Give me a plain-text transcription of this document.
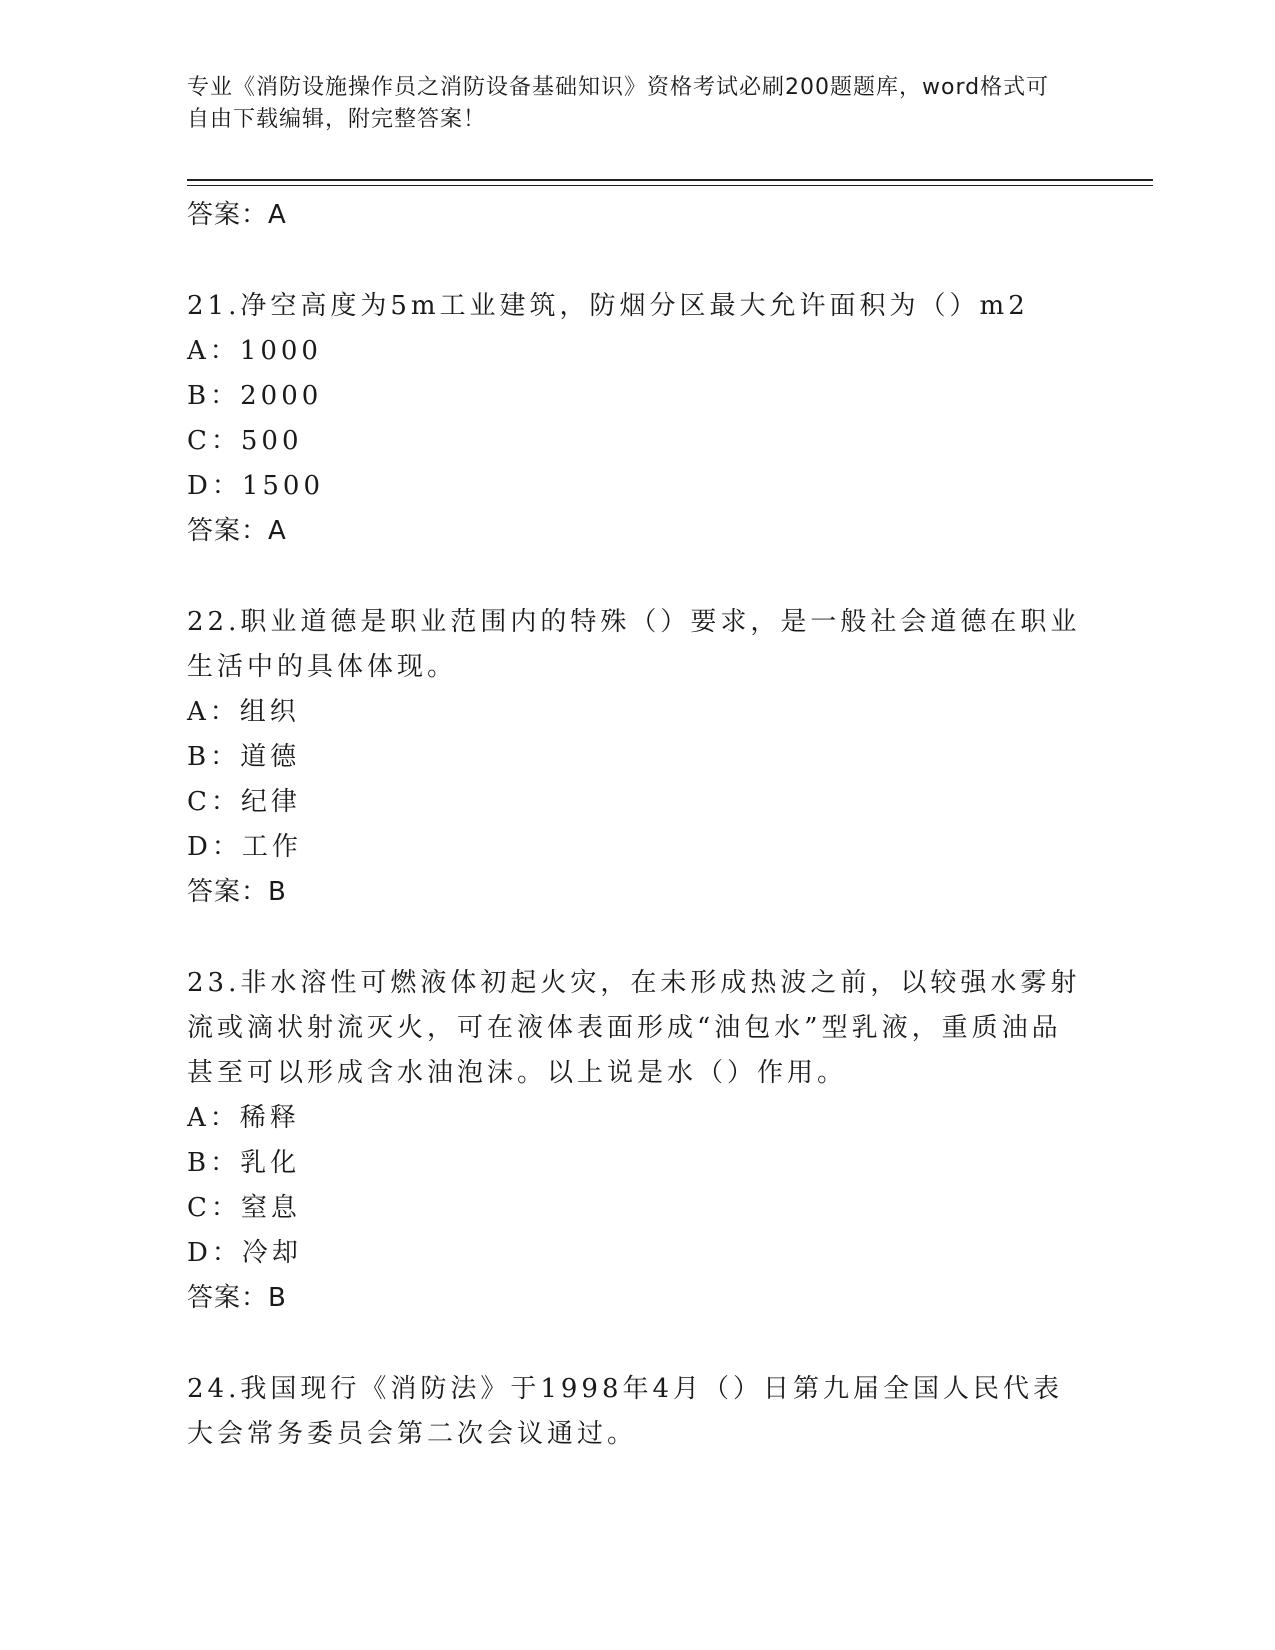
专业《消防设施操作员之消防设备基础知识》资格考试必刷200题题库，word格式可自由下载编辑，附完整答案！
答案：A
21.净空高度为5m工业建筑，防烟分区最大允许面积为（）m2
A：1000
B：2000
C：500
D：1500
答案：A
22.职业道德是职业范围内的特殊（）要求，是一般社会道德在职业生活中的具体体现。
A：组织
B：道德
C：纪律
D：工作
答案：B
23.非水溶性可燃液体初起火灾，在未形成热波之前，以较强水雾射流或滴状射流灭火，可在液体表面形成“油包水”型乳液，重质油品甚至可以形成含水油泡沫。以上说是水（）作用。
A：稀释
B：乳化
C：窒息
D：冷却
答案：B
24.我国现行《消防法》于1998年4月（）日第九届全国人民代表大会常务委员会第二次会议通过。
